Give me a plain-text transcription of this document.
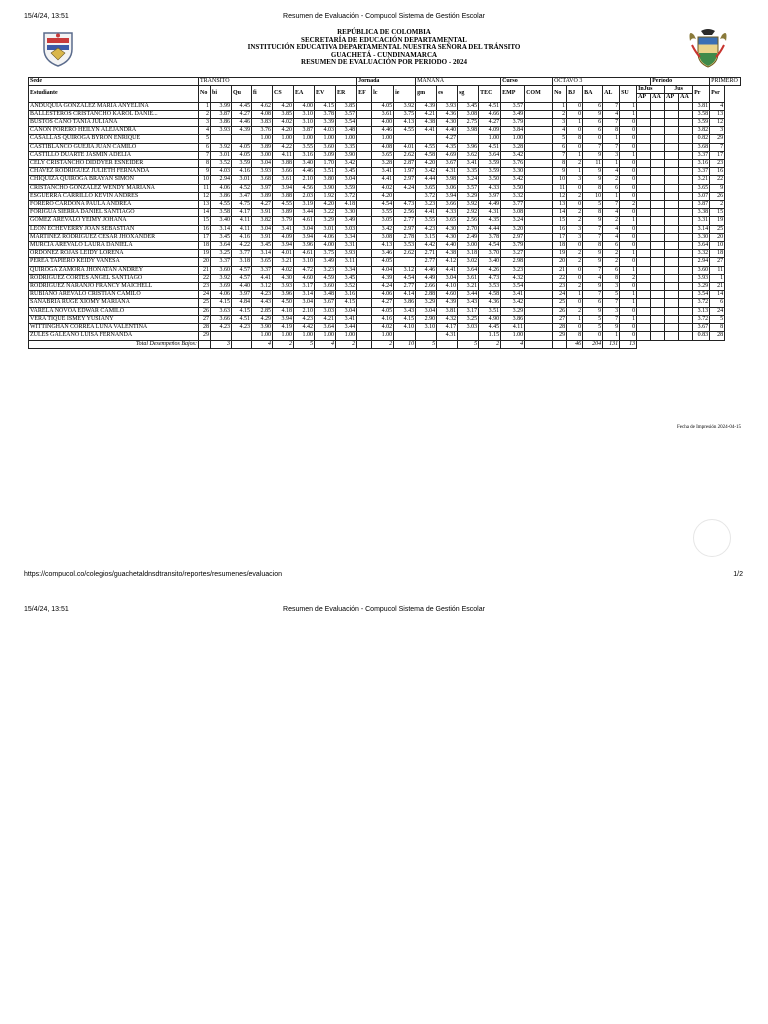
15/4/24, 13:51	Resumen de Evaluación - Compucol Sistema de Gestión Escolar
REPÚBLICA DE COLOMBIA
SECRETARÍA DE EDUCACIÓN DEPARTAMENTAL
INSTITUCIÓN EDUCATIVA DEPARTAMENTAL NUESTRA SEÑORA DEL TRÁNSITO
GUACHETÁ - CUNDINAMARCA
RESUMEN DE EVALUACIÓN POR PERIODO - 2024
Sede	TRANSITO								Jornada			MAÑANA				Curso		OCTAVO 3						Periodo				PRIMERO
Estudiante	No	bi	Qu	fi	CS	EA	EV	ER	EF	lc	ie	gm	es	sg	TEC	EMP	COM	No	BJ	BA	AL	SU	InJus		Jus		Pr	Psr
																							AP	AA	AP	AA		
ANDUQUIA GONZALEZ MARIA ANYELINA	1	3.99	4.45	4.62	4.20	4.00	4.15	3.85		4.05	3.92	4.39	3.93	3.45	4.51	3.57		1	0	6	7	1					3.81	4
BALLESTEROS CRISTANCHO KAROL DANIE...	2	3.87	4.27	4.08	3.85	3.10	3.78	3.57		3.61	3.75	4.21	4.36	3.08	4.66	3.49		2	0	9	4	1					3.58	13
BUSTOS CANO TANIA JULIANA	3	3.86	4.46	3.83	4.02	3.10	3.39	3.54		4.00	4.13	4.38	4.30	2.75	4.27	3.79		3	1	6	7	0					3.59	12
CANON FORERO HEILYN ALEJANDRA	4	3.93	4.39	3.76	4.20	3.87	4.03	3.48		4.46	4.55	4.41	4.40	3.98	4.09	3.84		4	0	6	8	0					3.82	3
CASALLAS QUIROGA BYRON ENRIQUE	5			1.00	1.00	1.00	1.00	1.00		1.00			4.27		1.00	1.00		5	8	0	1	0					0.82	29
CASTIBLANCO GUEJIA JUAN CAMILO	6	3.92	4.05	3.89	4.22	3.55	3.60	3.35		4.08	4.01	4.55	4.35	3.96	4.51	3.28		6	0	7	7	0					3.68	7
CASTILLO DUARTE JASMIN ADELIA	7	3.01	4.05	3.00	4.11	3.16	3.09	3.90		3.65	2.62	4.58	4.69	3.62	3.64	3.42		7	1	9	3	1					3.37	17
CELY CRISTANCHO DIDDYER ESNEIDER	8	3.52	3.59	3.04	3.88	3.40	1.70	3.42		3.28	2.87	4.20	3.67	3.41	3.59	3.76		8	2	11	1	0					3.16	23
CHAVEZ RODRIGUEZ JULIETH FERNANDA	9	4.03	4.16	3.93	3.66	4.46	3.51	3.45		3.41	1.97	3.42	4.31	3.35	3.59	3.30		9	1	9	4	0					3.37	16
CHIQUIZA QUIROGA BRAYAN SIMON	10	2.94	3.01	3.68	3.61	2.10	3.80	3.04		4.41	2.97	4.44	3.98	3.24	3.50	3.42		10	3	9	2	0					3.21	22
CRISTANCHO GONZALEZ WENDY MARIANA	11	4.06	4.52	3.97	3.94	4.56	3.90	3.59		4.02	4.24	3.65	3.06	3.57	4.33	3.50		11	0	8	6	0					3.65	9
ESGUERRA CARRILLO KEVIN ANDRES	12	3.86	3.47	3.89	3.88	2.03	1.92	3.72		4.20		3.72	3.94	3.29	3.97	3.32		12	2	10	1	0					3.07	26
FORERO CARDONA PAULA ANDREA	13	4.55	4.75	4.27	4.55	3.19	4.20	4.18		4.54	4.73	3.23	3.66	3.92	4.49	3.77		13	0	5	7	2					3.87	2
FORIGUA SIERRA DANIEL SANTIAGO	14	3.58	4.17	3.91	3.89	3.44	3.22	3.30		3.55	2.56	4.41	4.33	2.92	4.31	3.08		14	2	8	4	0					3.38	15
GOMEZ AREVALO YEIMY JOHANA	15	3.40	4.11	3.82	3.79	4.61	3.29	3.49		3.05	2.77	3.55	3.65	2.56	4.35	3.24		15	2	9	2	1					3.31	19
LEON ECHEVERRY JOAN SEBASTIAN	16	3.14	4.11	3.04	3.41	3.04	3.01	3.03		3.42	2.97	4.23	4.30	2.70	4.44	3.20		16	3	7	4	0					3.14	25
MARTINEZ RODRIGUEZ CESAR JHOXANDER	17	3.45	4.16	3.91	4.09	3.94	4.06	3.34		3.08	2.78	3.15	4.30	2.49	3.78	2.97		17	3	7	4	0					3.30	20
MURCIA AREVALO LAURA DANIELA	18	3.64	4.22	3.45	3.94	3.96	4.00	3.31		4.13	3.53	4.42	4.40	3.00	4.54	3.79		18	0	8	6	0					3.64	10
ORDOÑEZ ROJAS LEIDY LORENA	19	3.25	3.77	3.14	4.01	4.61	3.75	3.93		3.46	2.62	2.71	4.38	3.18	3.70	3.27		19	2	9	2	1					3.32	18
PEREA TAPIERO KEIDY VANESA	20	3.37	3.18	3.65	3.21	3.10	3.49	3.11		4.05		2.77	4.12	3.02	3.40	2.98		20	2	9	2	0					2.94	27
QUIROGA ZAMORA JHONATAN ANDREY	21	3.60	4.57	3.37	4.02	4.72	3.23	3.34		4.04	3.12	4.46	4.41	3.64	4.26	3.23		21	0	7	6	1					3.60	11
RODRIGUEZ CORTES ANGEL SANTIAGO	22	3.92	4.57	4.41	4.30	4.60	4.59	3.45		4.39	4.54	4.49	3.04	3.61	4.73	4.32		22	0	4	8	2					3.93	1
RODRIGUEZ NARANJO FRANCY MAICHELL	23	3.69	4.40	3.12	3.93	3.17	3.60	3.52		4.24	2.77	2.66	4.10	3.21	3.53	3.54		23	2	9	3	0					3.29	21
RUBIANO AREVALO CRISTIAN CAMILO	24	4.06	3.97	4.23	3.96	3.14	3.48	3.16		4.06	4.14	2.88	4.60	3.44	4.58	3.41		24	1	7	5	1					3.54	14
SANABRIA RUGE XIOMY MARIANA	25	4.15	4.84	4.43	4.50	3.04	3.67	4.15		4.27	3.86	3.29	4.39	3.43	4.36	3.42		25	0	6	7	1					3.72	6
VARELA NOVOA EDWAR CAMILO	26	3.63	4.15	2.85	4.18	2.10	3.03	3.04		4.05	3.43	3.04	3.81	3.17	3.51	3.29		26	2	9	3	0					3.13	24
VERA TIQUE ISMEY YUSIANY	27	3.66	4.51	4.29	3.94	4.23	4.21	3.41		4.16	4.15	2.90	4.32	3.25	4.90	3.86		27	1	5	7	1					3.72	5
WITTINGHAN CORREA LUNA VALENTINA	28	4.23	4.23	3.90	4.19	4.42	3.64	3.44		4.02	4.10	3.10	4.17	3.03	4.45	4.11		28	0	5	9	0					3.67	8
ZULES GALEANO LUISA FERNANDA	29			1.00	1.00	1.00	1.00	1.00		1.00			4.31		1.15	1.00		29	8	0	1	0					0.83	28
Total Desempeños Bajos:		3		4	2	5	4	2		2	10	5		5	2	4			46	204	131	13						
Fecha de Impresión 2024-04-15
https://compucol.co/colegios/guachetaldnsdtransito/reportes/resumenes/evaluacion	1/2
15/4/24, 13:51	Resumen de Evaluación - Compucol Sistema de Gestión Escolar
